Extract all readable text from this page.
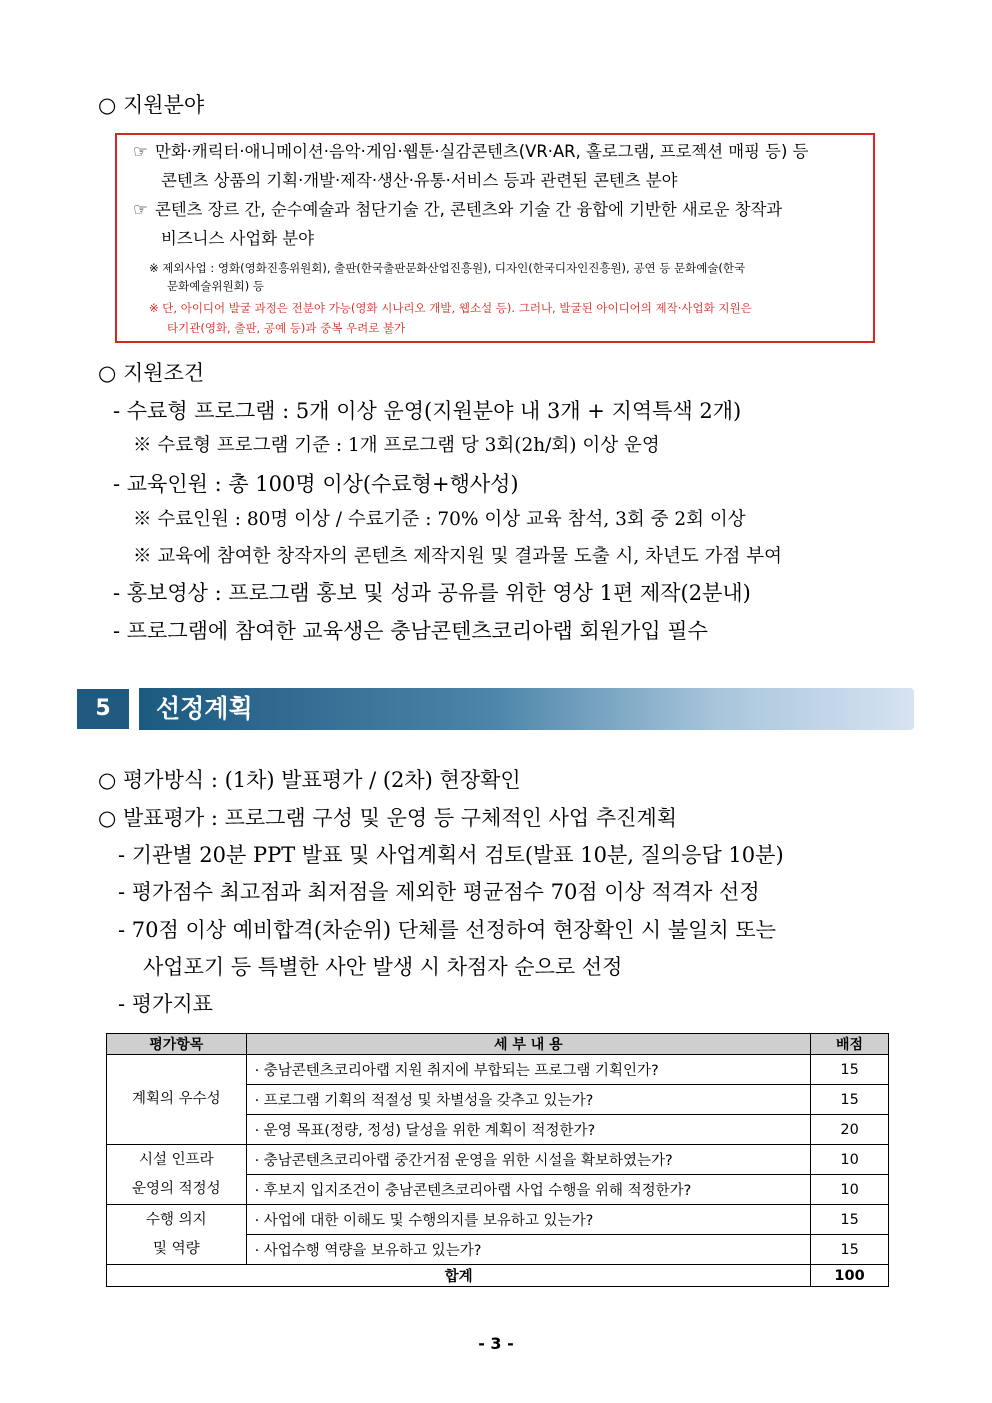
○ 지원분야
☞ 만화·캐릭터·애니메이션·음악·게임·웹툰·실감콘텐츠(VR·AR, 홀로그램, 프로젝션 매핑 등) 등
콘텐츠 상품의 기획·개발·제작·생산·유통·서비스 등과 관련된 콘텐츠 분야
☞ 콘텐츠 장르 간, 순수예술과 첨단기술 간, 콘텐츠와 기술 간 융합에 기반한 새로운 창작과
비즈니스 사업화 분야
※ 제외사업 : 영화(영화진흥위원회), 출판(한국출판문화산업진흥원), 디자인(한국디자인진흥원), 공연 등 문화예술(한국
문화예술위원회) 등
※ 단, 아이디어 발굴 과정은 전분야 가능(영화 시나리오 개발, 웹소설 등). 그러나, 발굴된 아이디어의 제작·사업화 지원은
타기관(영화, 출판, 공예 등)과 중복 우려로 불가
○ 지원조건
- 수료형 프로그램 : 5개 이상 운영(지원분야 내 3개 + 지역특색 2개)
※ 수료형 프로그램 기준 : 1개 프로그램 당 3회(2h/회) 이상 운영
- 교육인원 : 총 100명 이상(수료형+행사성)
※ 수료인원 : 80명 이상 / 수료기준 : 70% 이상 교육 참석, 3회 중 2회 이상
※ 교육에 참여한 창작자의 콘텐츠 제작지원 및 결과물 도출 시, 차년도 가점 부여
- 홍보영상 : 프로그램 홍보 및 성과 공유를 위한 영상 1편 제작(2분내)
- 프로그램에 참여한 교육생은 충남콘텐츠코리아랩 회원가입 필수
5	선정계획
○ 평가방식 : (1차) 발표평가 / (2차) 현장확인
○ 발표평가 : 프로그램 구성 및 운영 등 구체적인 사업 추진계획
- 기관별 20분 PPT 발표 및 사업계획서 검토(발표 10분, 질의응답 10분)
- 평가점수 최고점과 최저점을 제외한 평균점수 70점 이상 적격자 선정
- 70점 이상 예비합격(차순위) 단체를 선정하여 현장확인 시 불일치 또는
사업포기 등 특별한 사안 발생 시 차점자 순으로 선정
- 평가지표
평가항목	세 부 내 용	배점

계획의 우수성	· 충남콘텐츠코리아랩 지원 취지에 부합되는 프로그램 기획인가?	15
	· 프로그램 기획의 적절성 및 차별성을 갖추고 있는가?	15
	· 운영 목표(정량, 정성) 달성을 위한 계획이 적정한가?	20

시설 인프라
운영의 적정성	· 충남콘텐츠코리아랩 중간거점 운영을 위한 시설을 확보하였는가?	10
	· 후보지 입지조건이 충남콘텐츠코리아랩 사업 수행을 위해 적정한가?	10

수행 의지
및 역량	· 사업에 대한 이해도 및 수행의지를 보유하고 있는가?	15
	· 사업수행 역량을 보유하고 있는가?	15
합계		100
- 3 -
